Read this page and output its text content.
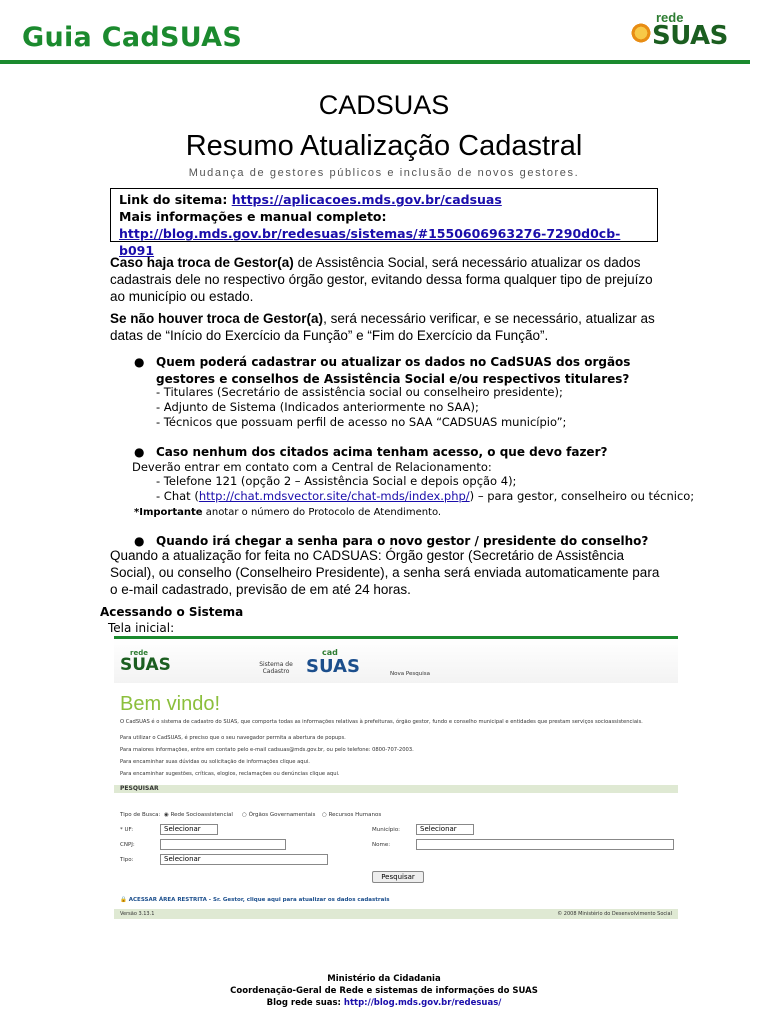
Guia CadSUAS
rede
SUAS
CADSUAS
Resumo Atualização Cadastral
Mudança de gestores públicos e inclusão de novos gestores.
Link do sitema: https://aplicacoes.mds.gov.br/cadsuas
Mais informações e manual completo:
http://blog.mds.gov.br/redesuas/sistemas/#1550606963276-7290d0cb-b091
Caso haja troca de Gestor(a) de Assistência Social, será necessário atualizar os dados cadastrais dele no respectivo órgão gestor, evitando dessa forma qualquer tipo de prejuízo ao município ou estado.
Se não houver troca de Gestor(a), será necessário verificar, e se necessário, atualizar as datas de “Início do Exercício da Função” e “Fim do Exercício da Função”.
● Quem poderá cadastrar ou atualizar os dados no CadSUAS dos orgãos gestores e conselhos de Assistência Social e/ou respectivos titulares?
- Titulares (Secretário de assistência social ou conselheiro presidente);
- Adjunto de Sistema (Indicados anteriormente no SAA);
- Técnicos que possuam perfil de acesso no SAA “CADSUAS município”;
● Caso nenhum dos citados acima tenham acesso, o que devo fazer?
Deverão entrar em contato com a Central de Relacionamento:
- Telefone 121 (opção 2 – Assistência Social e depois opção 4);
- Chat (http://chat.mdsvector.site/chat-mds/index.php/) – para gestor, conselheiro ou técnico;
*Importante anotar o número do Protocolo de Atendimento.
● Quando irá chegar a senha para o novo gestor / presidente do conselho?
Quando a atualização for feita no CADSUAS: Órgão gestor (Secretário de Assistência Social), ou conselho (Conselheiro Presidente), a senha será enviada automaticamente para o e-mail cadastrado, previsão de em até 24 horas.
Acessando o Sistema
Tela inicial:
rede
SUAS	Sistema de Cadastro
cad
SUAS	Nova Pesquisa
Bem vindo!
O CadSUAS é o sistema de cadastro do SUAS, que comporta todas as informações relativas à prefeituras, órgão gestor, fundo e conselho municipal e entidades que prestam serviços socioassistenciais.
Para utilizar o CadSUAS, é preciso que o seu navegador permita a abertura de popups.
Para maiores informações, entre em contato pelo e-mail cadsuas@mds.gov.br, ou pelo telefone: 0800-707-2003.
Para encaminhar suas dúvidas ou solicitação de informações clique aqui.
Para encaminhar sugestões, críticas, elogios, reclamações ou denúncias clique aqui.
PESQUISAR
Tipo de Busca: ◉ Rede Socioassistencial ○ Órgãos Governamentais ○ Recursos Humanos
* UF:	Selecionar	Município:	Selecionar
CNPJ:	Nome:
Tipo:	Selecionar
Pesquisar
🔒 ACESSAR ÁREA RESTRITA - Sr. Gestor, clique aqui para atualizar os dados cadastrais
Versão 3.13.1	© 2008 Ministério do Desenvolvimento Social
Ministério da Cidadania
Coordenação-Geral de Rede e sistemas de informações do SUAS
Blog rede suas: http://blog.mds.gov.br/redesuas/
